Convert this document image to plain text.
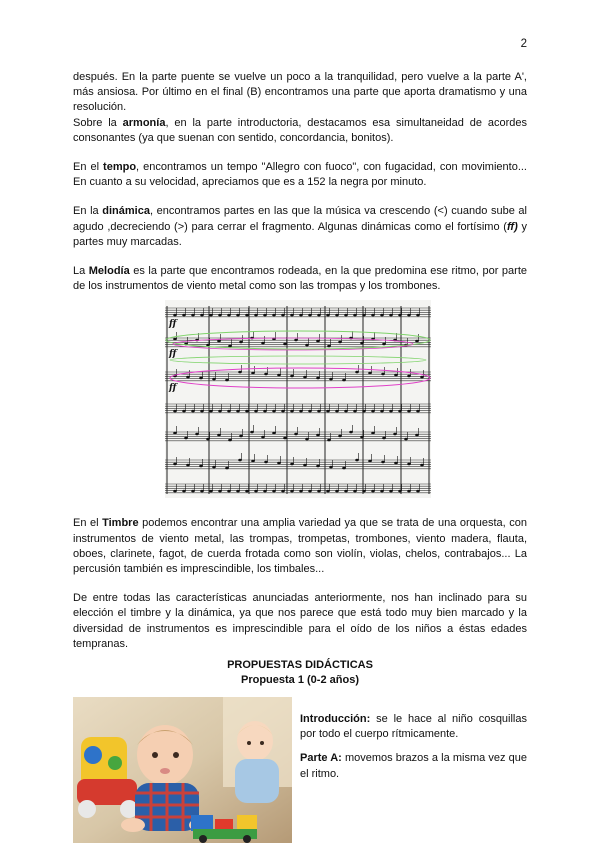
2

después. En la parte puente se vuelve un poco a la tranquilidad, pero vuelve a la parte A', más ansiosa. Por último en el final (B) encontramos una parte que aporta dramatismo y una resolución.

Sobre la armonía, en la parte introductoria, destacamos esa simultaneidad de acordes consonantes (ya que suenan con sentido, concordancia, bonitos).

En el tempo, encontramos un tempo "Allegro con fuoco", con fugacidad, con movimiento... En cuanto a su velocidad, apreciamos que es a 152 la negra por minuto.

En la dinámica, encontramos partes en las que la música va crescendo (<) cuando sube al agudo ,decreciendo (>) para cerrar el fragmento. Algunas dinámicas como el fortísimo (ff) y partes muy marcadas.

La Melodía es la parte que encontramos rodeada, en la que predomina ese ritmo, por parte de los instrumentos de viento metal como son las trompas y los trombones.

ff
ff
ff

En el Timbre podemos encontrar una amplia variedad ya que se trata de una orquesta, con instrumentos de viento metal, las trompas, trompetas, trombones, viento madera, flauta, oboes, clarinete, fagot, de cuerda frotada como son violín, violas, chelos, contrabajos... La percusión también es imprescindible, los timbales...

De entre todas las características anunciadas anteriormente, nos han inclinado para su elección el timbre y la dinámica, ya que nos parece que está todo muy bien marcado y la diversidad de instrumentos es imprescindible para el oído de los niños a éstas edades tempranas.

PROPUESTAS DIDÁCTICAS
Propuesta 1 (0-2 años)

Introducción: se le hace al niño cosquillas por todo el cuerpo rítmicamente.

Parte A: movemos brazos a la misma vez que el ritmo.
